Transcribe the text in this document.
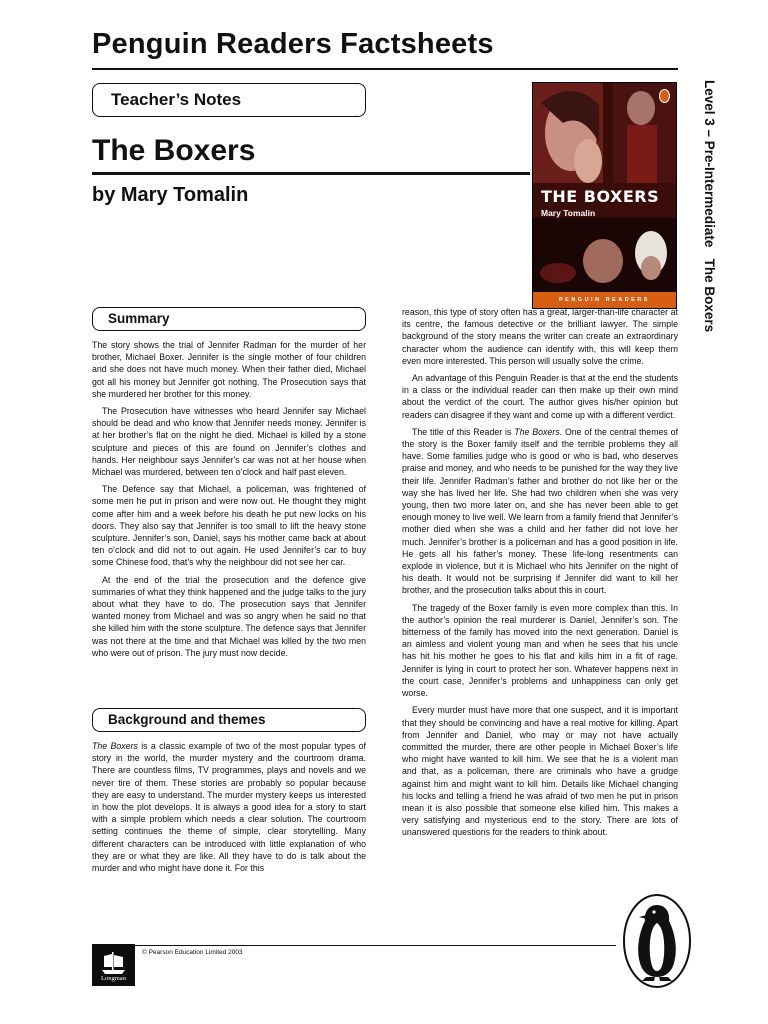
Penguin Readers Factsheets
Teacher’s Notes
The Boxers
by Mary Tomalin	THE BOXERS
Mary Tomalin
PENGUIN READERS	Level 3 – Pre-Intermediate   The Boxers
Summary

The story shows the trial of Jennifer Radman for the murder of her brother, Michael Boxer. Jennifer is the single mother of four children and she does not have much money. When their father died, Michael got all his money but Jennifer got nothing. The Prosecution says that she murdered her brother for this money.

The Prosecution have witnesses who heard Jennifer say Michael should be dead and who know that Jennifer needs money. Jennifer is at her brother’s flat on the night he died. Michael is killed by a stone sculpture and pieces of this are found on Jennifer’s clothes and hands. Her neighbour says Jennifer’s car was not at her house when Michael was murdered, between ten o’clock and half past eleven.

The Defence say that Michael, a policeman, was frightened of some men he put in prison and were now out. He thought they might come after him and a week before his death he put new locks on his doors. They also say that Jennifer is too small to lift the heavy stone sculpture. Jennifer’s son, Daniel, says his mother came back at about ten o’clock and did not to out again. He used Jennifer’s car to buy some Chinese food, that’s why the neighbour did not see her car.

At the end of the trial the prosecution and the defence give summaries of what they think happened and the judge talks to the jury about what they have to do. The prosecution says that Jennifer wanted money from Michael and was so angry when he said no that she killed him with the stone sculpture. The defence says that Jennifer was not there at the time and that Michael was killed by the two men who were out of prison. The jury must now decide.

Background and themes

The Boxers is a classic example of two of the most popular types of story in the world, the murder mystery and the courtroom drama. There are countless films, TV programmes, plays and novels and we never tire of them. These stories are probably so popular because they are easy to understand. The murder mystery keeps us interested in how the plot develops. It is always a good idea for a story to start with a simple problem which needs a clear solution. The courtroom setting continues the theme of simple, clear storytelling. Many different characters can be introduced with little explanation of who they are or what they are like. All they have to do is talk about the murder and who might have done it. For this

reason, this type of story often has a great, larger-than-life character at its centre, the famous detective or the brilliant lawyer. The simple background of the story means the writer can create an extraordinary character whom the audience can identify with, this will keep them even more interested. This person will usually solve the crime.

An advantage of this Penguin Reader is that at the end the students in a class or the individual reader can then make up their own mind about the verdict of the court. The author gives his/her opinion but readers can disagree if they want and come up with a different verdict.

The title of this Reader is The Boxers. One of the central themes of the story is the Boxer family itself and the terrible problems they all have. Some families judge who is good or who is bad, who deserves praise and money, and who needs to be punished for the way they live their life. Jennifer Radman’s father and brother do not like her or the way she has lived her life. She had two children when she was very young, then two more later on, and she has never been able to get enough money to live well. We learn from a family friend that Jennifer’s mother died when she was a child and her father did not love her much. Jennifer’s brother is a policeman and has a good position in life. He gets all his father’s money. These life-long resentments can explode in violence, but it is Michael who hits Jennifer on the night of his death. It would not be surprising if Jennifer did want to kill her brother, and the prosecution talks about this in court.

The tragedy of the Boxer family is even more complex than this. In the author’s opinion the real murderer is Daniel, Jennifer’s son. The bitterness of the family has moved into the next generation. Daniel is an aimless and violent young man and when he sees that his uncle has hit his mother he goes to his flat and kills him in a fit of rage. Jennifer is lying in court to protect her son. Whatever happens next in the court case, Jennifer’s problems and unhappiness can only get worse.

Every murder must have more that one suspect, and it is important that they should be convincing and have a real motive for killing. Apart from Jennifer and Daniel, who may or may not have actually committed the murder, there are other people in Michael Boxer’s life who might have wanted to kill him. We see that he is a violent man and that, as a policeman, there are criminals who have a grudge against him and might want to kill him. Details like Michael changing his locks and telling a friend he was afraid of two men he put in prison mean it is also possible that someone else killed him. This makes a very satisfying and mysterious end to the story. There are lots of unanswered questions for the readers to think about.

Longman
© Pearson Education Limited 2003
